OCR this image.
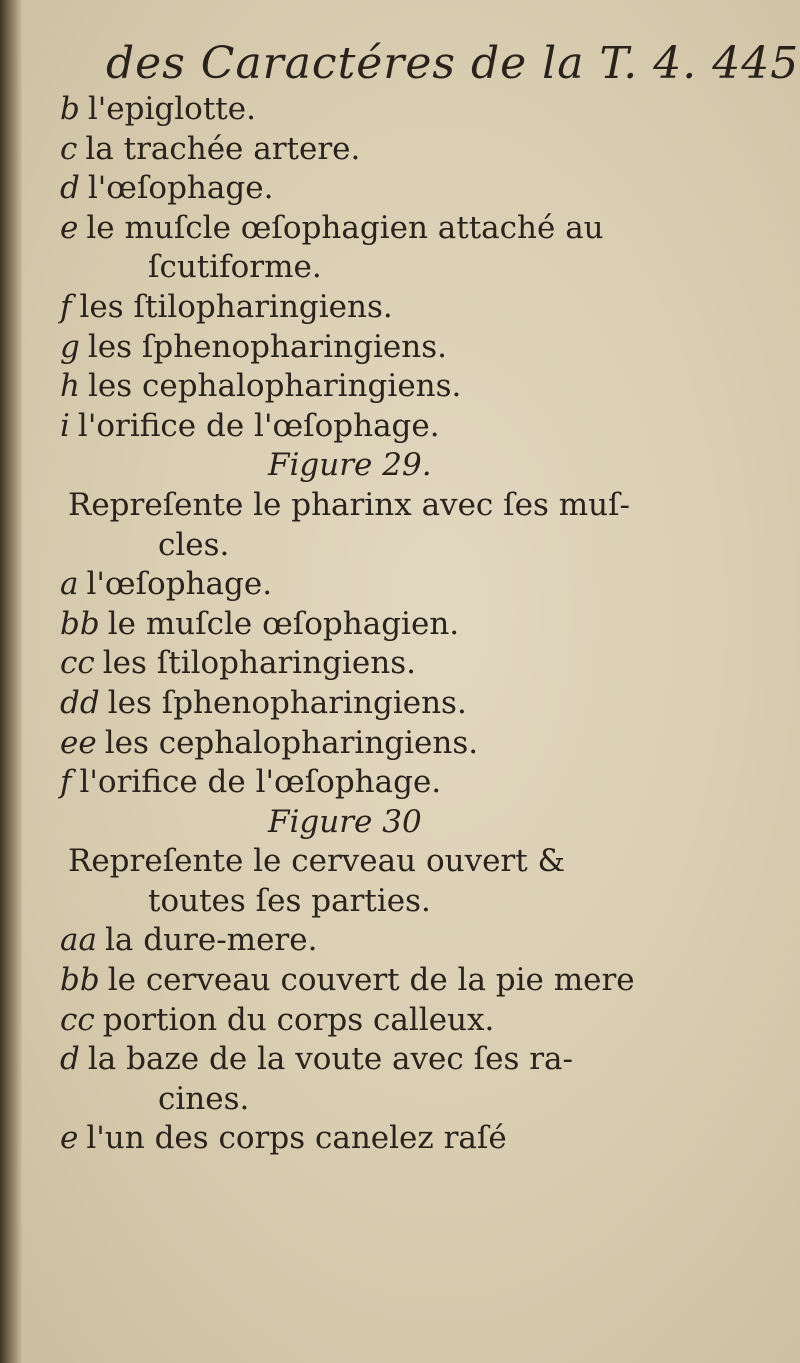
des Caractéres de la T. 4. 445
b l'epiglotte.
c la trachée artere.
d l'œſophage.
e le muſcle œſophagien attaché au
ſcutiforme.
f les ſtilopharingiens.
g les ſphenopharingiens.
h les cephalopharingiens.
i l'orifice de l'œſophage.
Figure 29.
Repreſente le pharinx avec ſes muſ-
cles.
a l'œſophage.
bb le muſcle œſophagien.
cc les ſtilopharingiens.
dd les ſphenopharingiens.
ee les cephalopharingiens.
f l'orifice de l'œſophage.
Figure 30
Repreſente le cerveau ouvert &
toutes ſes parties.
aa la dure-mere.
bb le cerveau couvert de la pie mere
cc portion du corps calleux.
d la baze de la voute avec ſes ra-
cines.
e l'un des corps canelez raſé
